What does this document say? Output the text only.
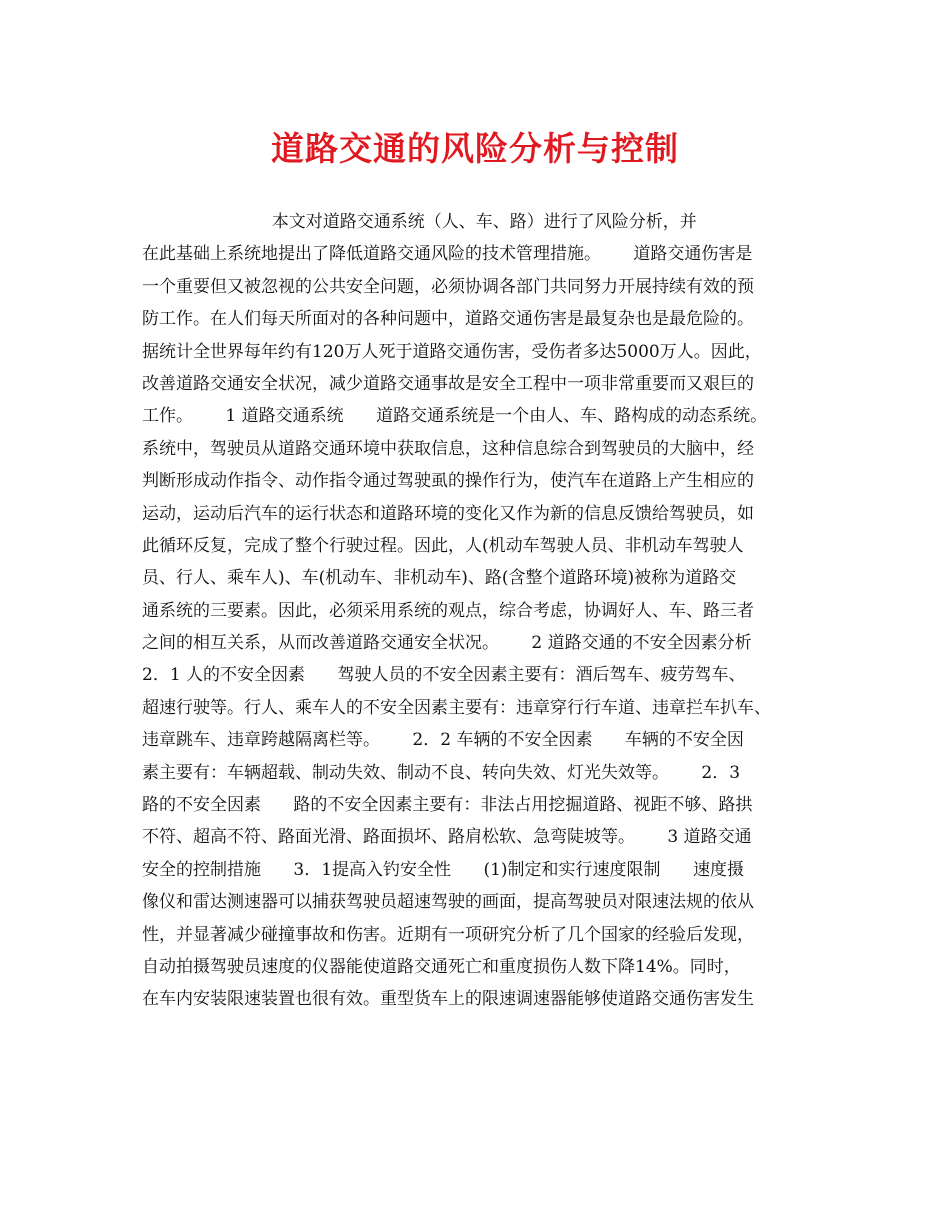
道路交通的风险分析与控制
本文对道路交通系统（人、车、路）进行了风险分析，并
在此基础上系统地提出了降低道路交通风险的技术管理措施。      道路交通伤害是
一个重要但又被忽视的公共安全问题，必须协调各部门共同努力开展持续有效的预
防工作。在人们每天所面对的各种问题中，道路交通伤害是最复杂也是最危险的。
据统计全世界每年约有120万人死于道路交通伤害，受伤者多达5000万人。因此，
改善道路交通安全状况，减少道路交通事故是安全工程中一项非常重要而又艰巨的
工作。      1 道路交通系统      道路交通系统是一个由人、车、路构成的动态系统。
系统中，驾驶员从道路交通环境中获取信息，这种信息综合到驾驶员的大脑中，经
判断形成动作指令、动作指令通过驾驶虱的操作行为，使汽车在道路上产生相应的
运动，运动后汽车的运行状态和道路环境的变化又作为新的信息反馈给驾驶员，如
此循环反复，完成了整个行驶过程。因此，人(机动车驾驶人员、非机动车驾驶人
员、行人、乘车人)、车(机动车、非机动车)、路(含整个道路环境)被称为道路交
通系统的三要素。因此，必须采用系统的观点，综合考虑，协调好人、车、路三者
之间的相互关系，从而改善道路交通安全状况。      2 道路交通的不安全因素分析
2．1 人的不安全因素      驾驶人员的不安全因素主要有：酒后驾车、疲劳驾车、
超速行驶等。行人、乘车人的不安全因素主要有：违章穿行行车道、违章拦车扒车、
违章跳车、违章跨越隔离栏等。      2．2 车辆的不安全因素      车辆的不安全因
素主要有：车辆超载、制动失效、制动不良、转向失效、灯光失效等。      2．3
路的不安全因素      路的不安全因素主要有：非法占用挖掘道路、视距不够、路拱
不符、超高不符、路面光滑、路面损坏、路肩松软、急弯陡坡等。      3 道路交通
安全的控制措施      3．1提高入钓安全性      (1)制定和实行速度限制      速度摄
像仪和雷达测速器可以捕获驾驶员超速驾驶的画面，提高驾驶员对限速法规的依从
性，并显著减少碰撞事故和伤害。近期有一项研究分析了几个国家的经验后发现，
自动拍摄驾驶员速度的仪器能使道路交通死亡和重度损伤人数下降14%。同时，
在车内安装限速装置也很有效。重型货车上的限速调速器能够使道路交通伤害发生
